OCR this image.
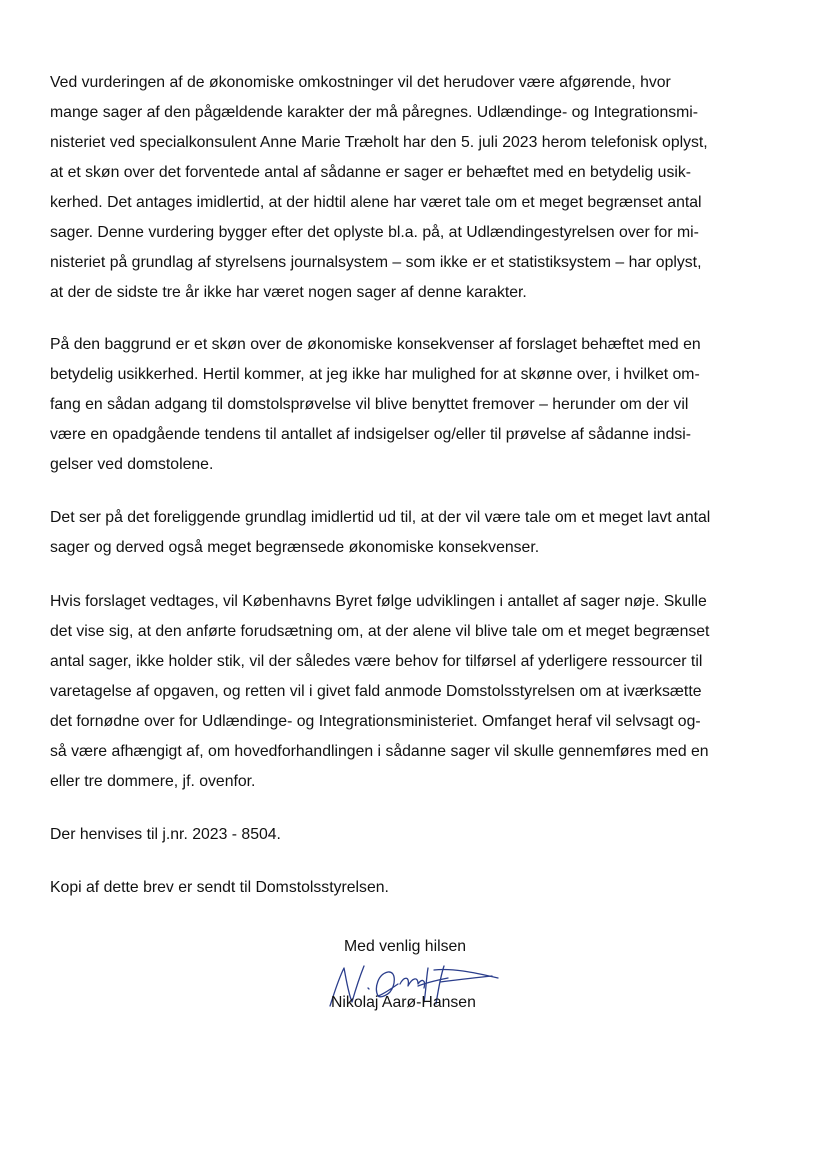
Ved vurderingen af de økonomiske omkostninger vil det herudover være afgørende, hvor
mange sager af den pågældende karakter der må påregnes. Udlændinge- og Integrationsmi-
nisteriet ved specialkonsulent Anne Marie Træholt har den 5. juli 2023 herom telefonisk oplyst,
at et skøn over det forventede antal af sådanne er sager er behæftet med en betydelig usik-
kerhed. Det antages imidlertid, at der hidtil alene har været tale om et meget begrænset antal
sager. Denne vurdering bygger efter det oplyste bl.a. på, at Udlændingestyrelsen over for mi-
nisteriet på grundlag af styrelsens journalsystem – som ikke er et statistiksystem – har oplyst,
at der de sidste tre år ikke har været nogen sager af denne karakter.
På den baggrund er et skøn over de økonomiske konsekvenser af forslaget behæftet med en
betydelig usikkerhed. Hertil kommer, at jeg ikke har mulighed for at skønne over, i hvilket om-
fang en sådan adgang til domstolsprøvelse vil blive benyttet fremover – herunder om der vil
være en opadgående tendens til antallet af indsigelser og/eller til prøvelse af sådanne indsi-
gelser ved domstolene.
Det ser på det foreliggende grundlag imidlertid ud til, at der vil være tale om et meget lavt antal
sager og derved også meget begrænsede økonomiske konsekvenser.
Hvis forslaget vedtages, vil Københavns Byret følge udviklingen i antallet af sager nøje. Skulle
det vise sig, at den anførte forudsætning om, at der alene vil blive tale om et meget begrænset
antal sager, ikke holder stik, vil der således være behov for tilførsel af yderligere ressourcer til
varetagelse af opgaven, og retten vil i givet fald anmode Domstolsstyrelsen om at iværksætte
det fornødne over for Udlændinge- og Integrationsministeriet. Omfanget heraf vil selvsagt og-
så være afhængigt af, om hovedforhandlingen i sådanne sager vil skulle gennemføres med en
eller tre dommere, jf. ovenfor.
Der henvises til j.nr. 2023 - 8504.
Kopi af dette brev er sendt til Domstolsstyrelsen.
Med venlig hilsen
Nikolaj Aarø-Hansen
